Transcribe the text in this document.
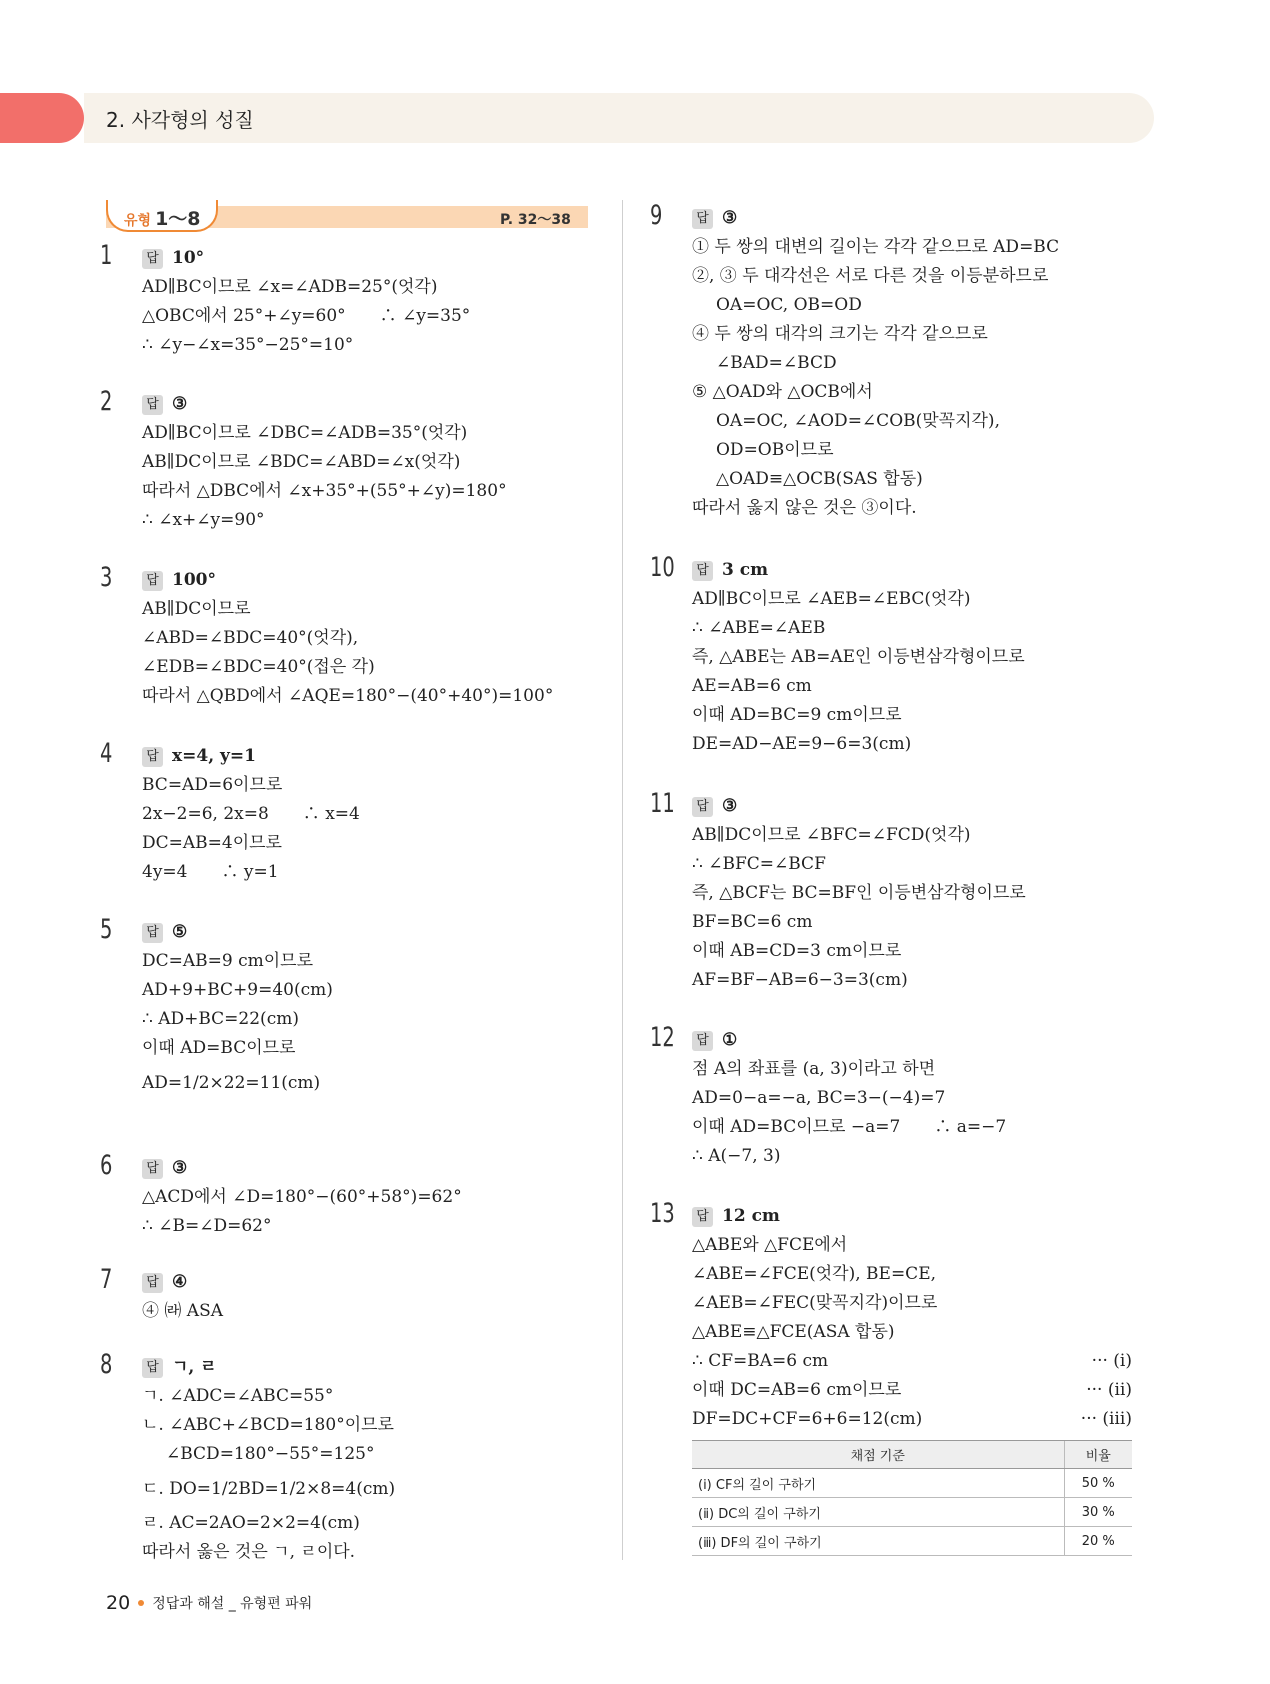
2. 사각형의 성질
유형 1～8	P. 32～38
1	답 10°
AD∥BC이므로 ∠x=∠ADB=25°(엇각)
△OBC에서 25°+∠y=60°　　∴ ∠y=35°
∴ ∠y−∠x=35°−25°=10°
2	답 ③
AD∥BC이므로 ∠DBC=∠ADB=35°(엇각)
AB∥DC이므로 ∠BDC=∠ABD=∠x(엇각)
따라서 △DBC에서 ∠x+35°+(55°+∠y)=180°
∴ ∠x+∠y=90°
3	답 100°
AB∥DC이므로
∠ABD=∠BDC=40°(엇각),
∠EDB=∠BDC=40°(접은 각)
따라서 △QBD에서 ∠AQE=180°−(40°+40°)=100°
4	답 x=4, y=1
BC=AD=6이므로
2x−2=6, 2x=8　　∴ x=4
DC=AB=4이므로
4y=4　　∴ y=1
5	답 ⑤
DC=AB=9 cm이므로
AD+9+BC+9=40(cm)
∴ AD+BC=22(cm)
이때 AD=BC이므로
AD=1/2×22=11(cm)
6	답 ③
△ACD에서 ∠D=180°−(60°+58°)=62°
∴ ∠B=∠D=62°
7	답 ④
④ ㈑ ASA
8	답 ㄱ, ㄹ
ㄱ. ∠ADC=∠ABC=55°
ㄴ. ∠ABC+∠BCD=180°이므로
∠BCD=180°−55°=125°
ㄷ. DO=1/2BD=1/2×8=4(cm)
ㄹ. AC=2AO=2×2=4(cm)
따라서 옳은 것은 ㄱ, ㄹ이다.
9	답 ③
① 두 쌍의 대변의 길이는 각각 같으므로 AD=BC
②, ③ 두 대각선은 서로 다른 것을 이등분하므로
OA=OC, OB=OD
④ 두 쌍의 대각의 크기는 각각 같으므로
∠BAD=∠BCD
⑤ △OAD와 △OCB에서
OA=OC, ∠AOD=∠COB(맞꼭지각),
OD=OB이므로
△OAD≡△OCB(SAS 합동)
따라서 옳지 않은 것은 ③이다.
10	답 3 cm
AD∥BC이므로 ∠AEB=∠EBC(엇각)
∴ ∠ABE=∠AEB
즉, △ABE는 AB=AE인 이등변삼각형이므로
AE=AB=6 cm
이때 AD=BC=9 cm이므로
DE=AD−AE=9−6=3(cm)
11	답 ③
AB∥DC이므로 ∠BFC=∠FCD(엇각)
∴ ∠BFC=∠BCF
즉, △BCF는 BC=BF인 이등변삼각형이므로
BF=BC=6 cm
이때 AB=CD=3 cm이므로
AF=BF−AB=6−3=3(cm)
12	답 ①
점 A의 좌표를 (a, 3)이라고 하면
AD=0−a=−a, BC=3−(−4)=7
이때 AD=BC이므로 −a=7　　∴ a=−7
∴ A(−7, 3)
13	답 12 cm
△ABE와 △FCE에서
∠ABE=∠FCE(엇각), BE=CE,
∠AEB=∠FEC(맞꼭지각)이므로
△ABE≡△FCE(ASA 합동)
∴ CF=BA=6 cm	··· (ⅰ)
이때 DC=AB=6 cm이므로	··· (ⅱ)
DF=DC+CF=6+6=12(cm)	··· (ⅲ)
채점 기준	비율
(ⅰ) CF의 길이 구하기	50 %
(ⅱ) DC의 길이 구하기	30 %
(ⅲ) DF의 길이 구하기	20 %
20 정답과 해설 _ 유형편 파워
